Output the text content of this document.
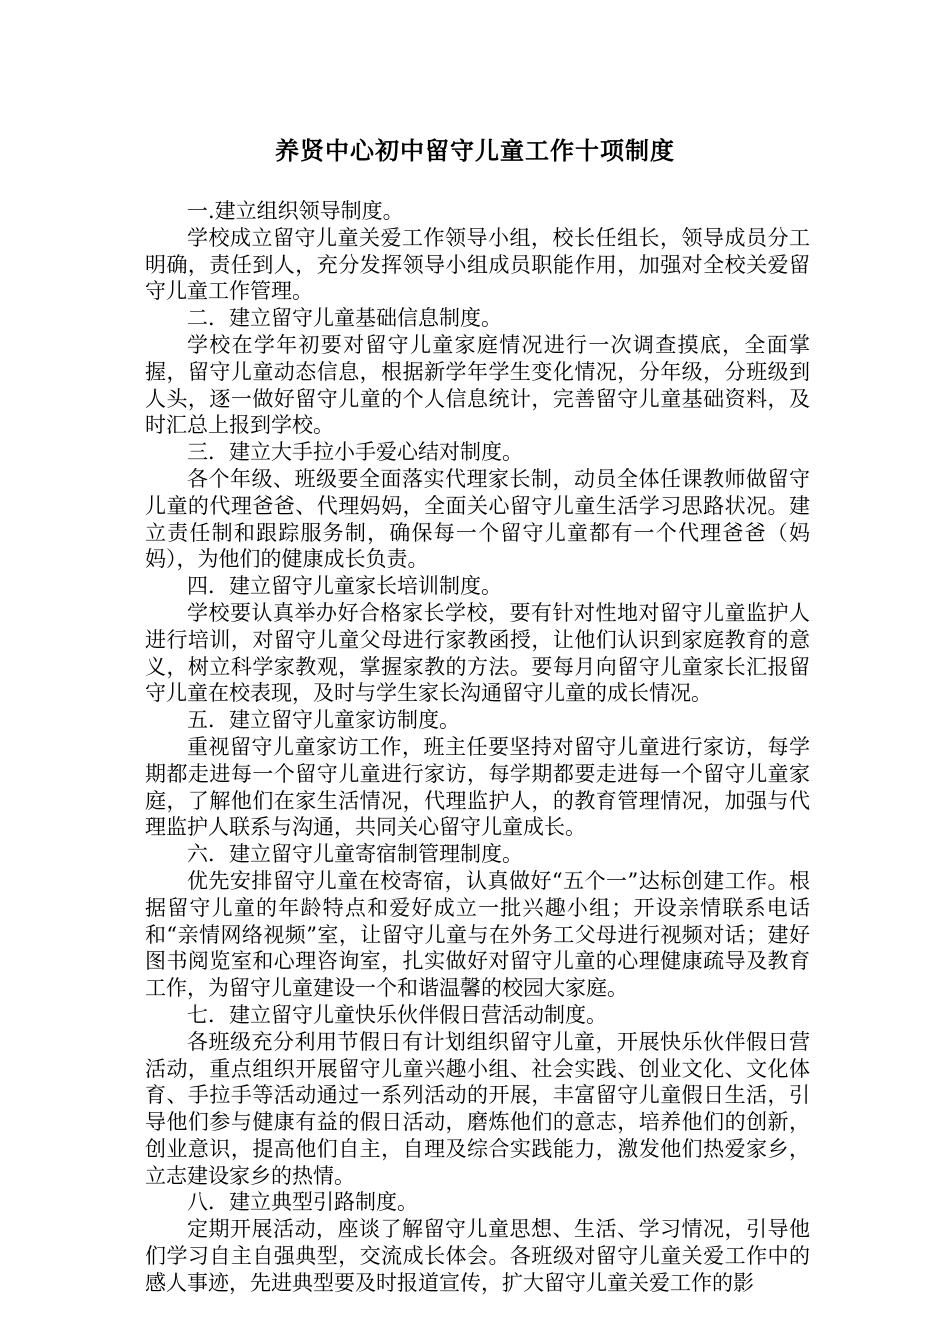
养贤中心初中留守儿童工作十项制度

一.建立组织领导制度。

学校成立留守儿童关爱工作领导小组，校长任组长，领导成员分工明确，责任到人，充分发挥领导小组成员职能作用，加强对全校关爱留守儿童工作管理。

二．建立留守儿童基础信息制度。

学校在学年初要对留守儿童家庭情况进行一次调查摸底，全面掌握，留守儿童动态信息，根据新学年学生变化情况，分年级，分班级到人头，逐一做好留守儿童的个人信息统计，完善留守儿童基础资料，及时汇总上报到学校。

三．建立大手拉小手爱心结对制度。

各个年级、班级要全面落实代理家长制，动员全体任课教师做留守儿童的代理爸爸、代理妈妈，全面关心留守儿童生活学习思路状况。建立责任制和跟踪服务制，确保每一个留守儿童都有一个代理爸爸（妈妈），为他们的健康成长负责。

四．建立留守儿童家长培训制度。

学校要认真举办好合格家长学校，要有针对性地对留守儿童监护人进行培训，对留守儿童父母进行家教函授，让他们认识到家庭教育的意义，树立科学家教观，掌握家教的方法。要每月向留守儿童家长汇报留守儿童在校表现，及时与学生家长沟通留守儿童的成长情况。

五．建立留守儿童家访制度。

重视留守儿童家访工作，班主任要坚持对留守儿童进行家访，每学期都走进每一个留守儿童进行家访，每学期都要走进每一个留守儿童家庭，了解他们在家生活情况，代理监护人，的教育管理情况，加强与代理监护人联系与沟通，共同关心留守儿童成长。

六．建立留守儿童寄宿制管理制度。

优先安排留守儿童在校寄宿，认真做好“五个一”达标创建工作。根据留守儿童的年龄特点和爱好成立一批兴趣小组；开设亲情联系电话和“亲情网络视频”室，让留守儿童与在外务工父母进行视频对话；建好图书阅览室和心理咨询室，扎实做好对留守儿童的心理健康疏导及教育工作，为留守儿童建设一个和谐温馨的校园大家庭。

七．建立留守儿童快乐伙伴假日营活动制度。

各班级充分利用节假日有计划组织留守儿童，开展快乐伙伴假日营活动，重点组织开展留守儿童兴趣小组、社会实践、创业文化、文化体育、手拉手等活动通过一系列活动的开展，丰富留守儿童假日生活，引导他们参与健康有益的假日活动，磨炼他们的意志，培养他们的创新，创业意识，提高他们自主，自理及综合实践能力，激发他们热爱家乡，立志建设家乡的热情。

八．建立典型引路制度。

定期开展活动，座谈了解留守儿童思想、生活、学习情况，引导他们学习自主自强典型，交流成长体会。各班级对留守儿童关爱工作中的感人事迹，先进典型要及时报道宣传，扩大留守儿童关爱工作的影
